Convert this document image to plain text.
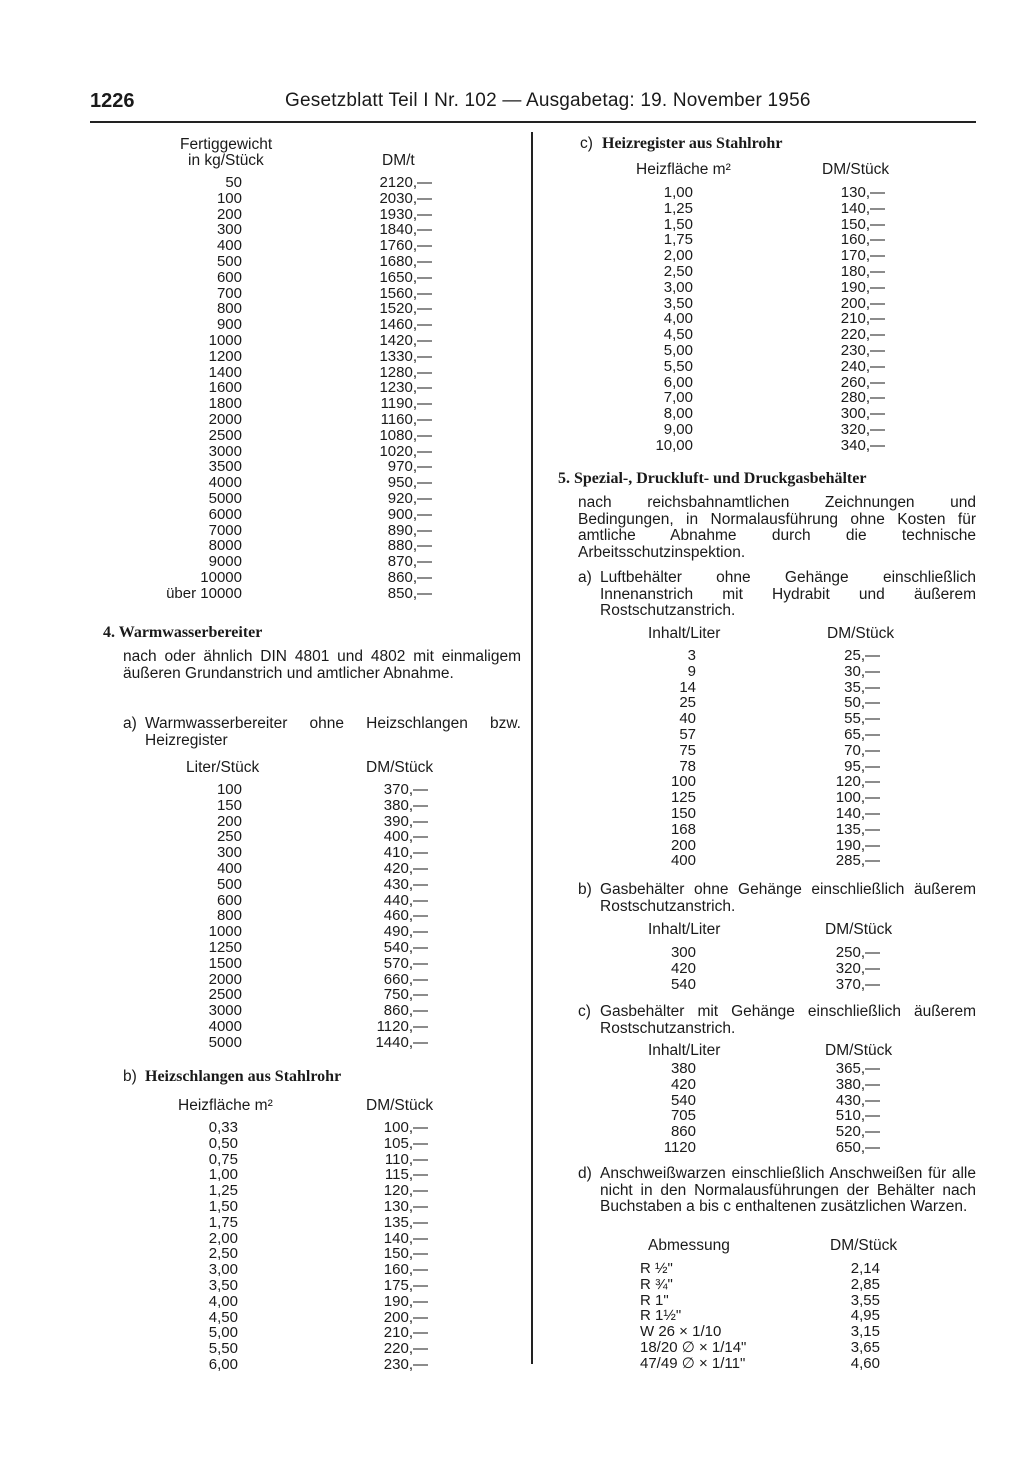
1226	Gesetzblatt Teil I Nr. 102 — Ausgabetag: 19. November 1956
Fertiggewicht
in kg/Stück	DM/t
50	2120,—
100	2030,—
200	1930,—
300	1840,—
400	1760,—
500	1680,—
600	1650,—
700	1560,—
800	1520,—
900	1460,—
1000	1420,—
1200	1330,—
1400	1280,—
1600	1230,—
1800	1190,—
2000	1160,—
2500	1080,—
3000	1020,—
3500	970,—
4000	950,—
5000	920,—
6000	900,—
7000	890,—
8000	880,—
9000	870,—
10000	860,—
über 10000	850,—
4. Warmwasserbereiter
nach oder ähnlich DIN 4801 und 4802 mit einmaligem äußeren Grundanstrich und amtlicher Abnahme.
a) Warmwasserbereiter ohne Heizschlangen bzw. Heizregister
Liter/Stück	DM/Stück
100	370,—
150	380,—
200	390,—
250	400,—
300	410,—
400	420,—
500	430,—
600	440,—
800	460,—
1000	490,—
1250	540,—
1500	570,—
2000	660,—
2500	750,—
3000	860,—
4000	1120,—
5000	1440,—
b) Heizschlangen aus Stahlrohr
Heizfläche m²	DM/Stück
0,33	100,—
0,50	105,—
0,75	110,—
1,00	115,—
1,25	120,—
1,50	130,—
1,75	135,—
2,00	140,—
2,50	150,—
3,00	160,—
3,50	175,—
4,00	190,—
4,50	200,—
5,00	210,—
5,50	220,—
6,00	230,—
c) Heizregister aus Stahlrohr
Heizfläche m²	DM/Stück
1,00	130,—
1,25	140,—
1,50	150,—
1,75	160,—
2,00	170,—
2,50	180,—
3,00	190,—
3,50	200,—
4,00	210,—
4,50	220,—
5,00	230,—
5,50	240,—
6,00	260,—
7,00	280,—
8,00	300,—
9,00	320,—
10,00	340,—
5. Spezial-, Druckluft- und Druckgasbehälter
nach reichsbahnamtlichen Zeichnungen und Bedingungen, in Normalausführung ohne Kosten für amtliche Abnahme durch die technische Arbeitsschutzinspektion.
a) Luftbehälter ohne Gehänge einschließlich Innenanstrich mit Hydrabit und äußerem Rostschutzanstrich.
Inhalt/Liter	DM/Stück
3	25,—
9	30,—
14	35,—
25	50,—
40	55,—
57	65,—
75	70,—
78	95,—
100	120,—
125	100,—
150	140,—
168	135,—
200	190,—
400	285,—
b) Gasbehälter ohne Gehänge einschließlich äußerem Rostschutzanstrich.
Inhalt/Liter	DM/Stück
300	250,—
420	320,—
540	370,—
c) Gasbehälter mit Gehänge einschließlich äußerem Rostschutzanstrich.
Inhalt/Liter	DM/Stück
380	365,—
420	380,—
540	430,—
705	510,—
860	520,—
1120	650,—
d) Anschweißwarzen einschließlich Anschweißen für alle nicht in den Normalausführungen der Behälter nach Buchstaben a bis c enthaltenen zusätzlichen Warzen.
Abmessung	DM/Stück
R ½"	2,14
R ¾"	2,85
R 1"	3,55
R 1½"	4,95
W 26 × 1/10	3,15
18/20 ∅ × 1/14"	3,65
47/49 ∅ × 1/11"	4,60
